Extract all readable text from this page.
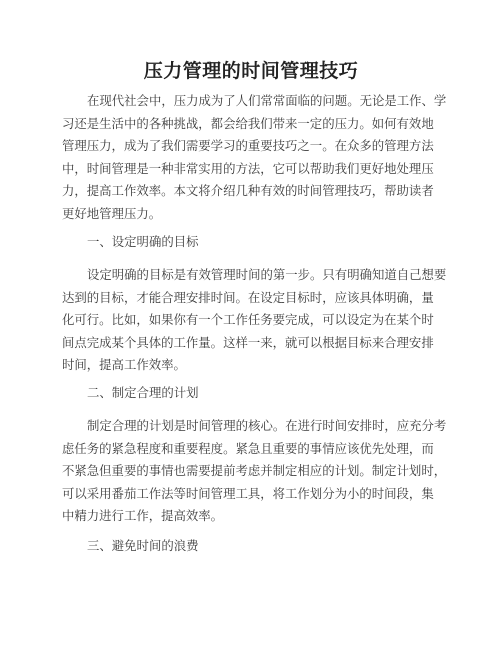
压力管理的时间管理技巧
在现代社会中，压力成为了人们常常面临的问题。无论是工作、学
习还是生活中的各种挑战，都会给我们带来一定的压力。如何有效地
管理压力，成为了我们需要学习的重要技巧之一。在众多的管理方法
中，时间管理是一种非常实用的方法，它可以帮助我们更好地处理压
力，提高工作效率。本文将介绍几种有效的时间管理技巧，帮助读者
更好地管理压力。
一、设定明确的目标
设定明确的目标是有效管理时间的第一步。只有明确知道自己想要
达到的目标，才能合理安排时间。在设定目标时，应该具体明确，量
化可行。比如，如果你有一个工作任务要完成，可以设定为在某个时
间点完成某个具体的工作量。这样一来，就可以根据目标来合理安排
时间，提高工作效率。
二、制定合理的计划
制定合理的计划是时间管理的核心。在进行时间安排时，应充分考
虑任务的紧急程度和重要程度。紧急且重要的事情应该优先处理，而
不紧急但重要的事情也需要提前考虑并制定相应的计划。制定计划时，
可以采用番茄工作法等时间管理工具，将工作划分为小的时间段，集
中精力进行工作，提高效率。
三、避免时间的浪费
